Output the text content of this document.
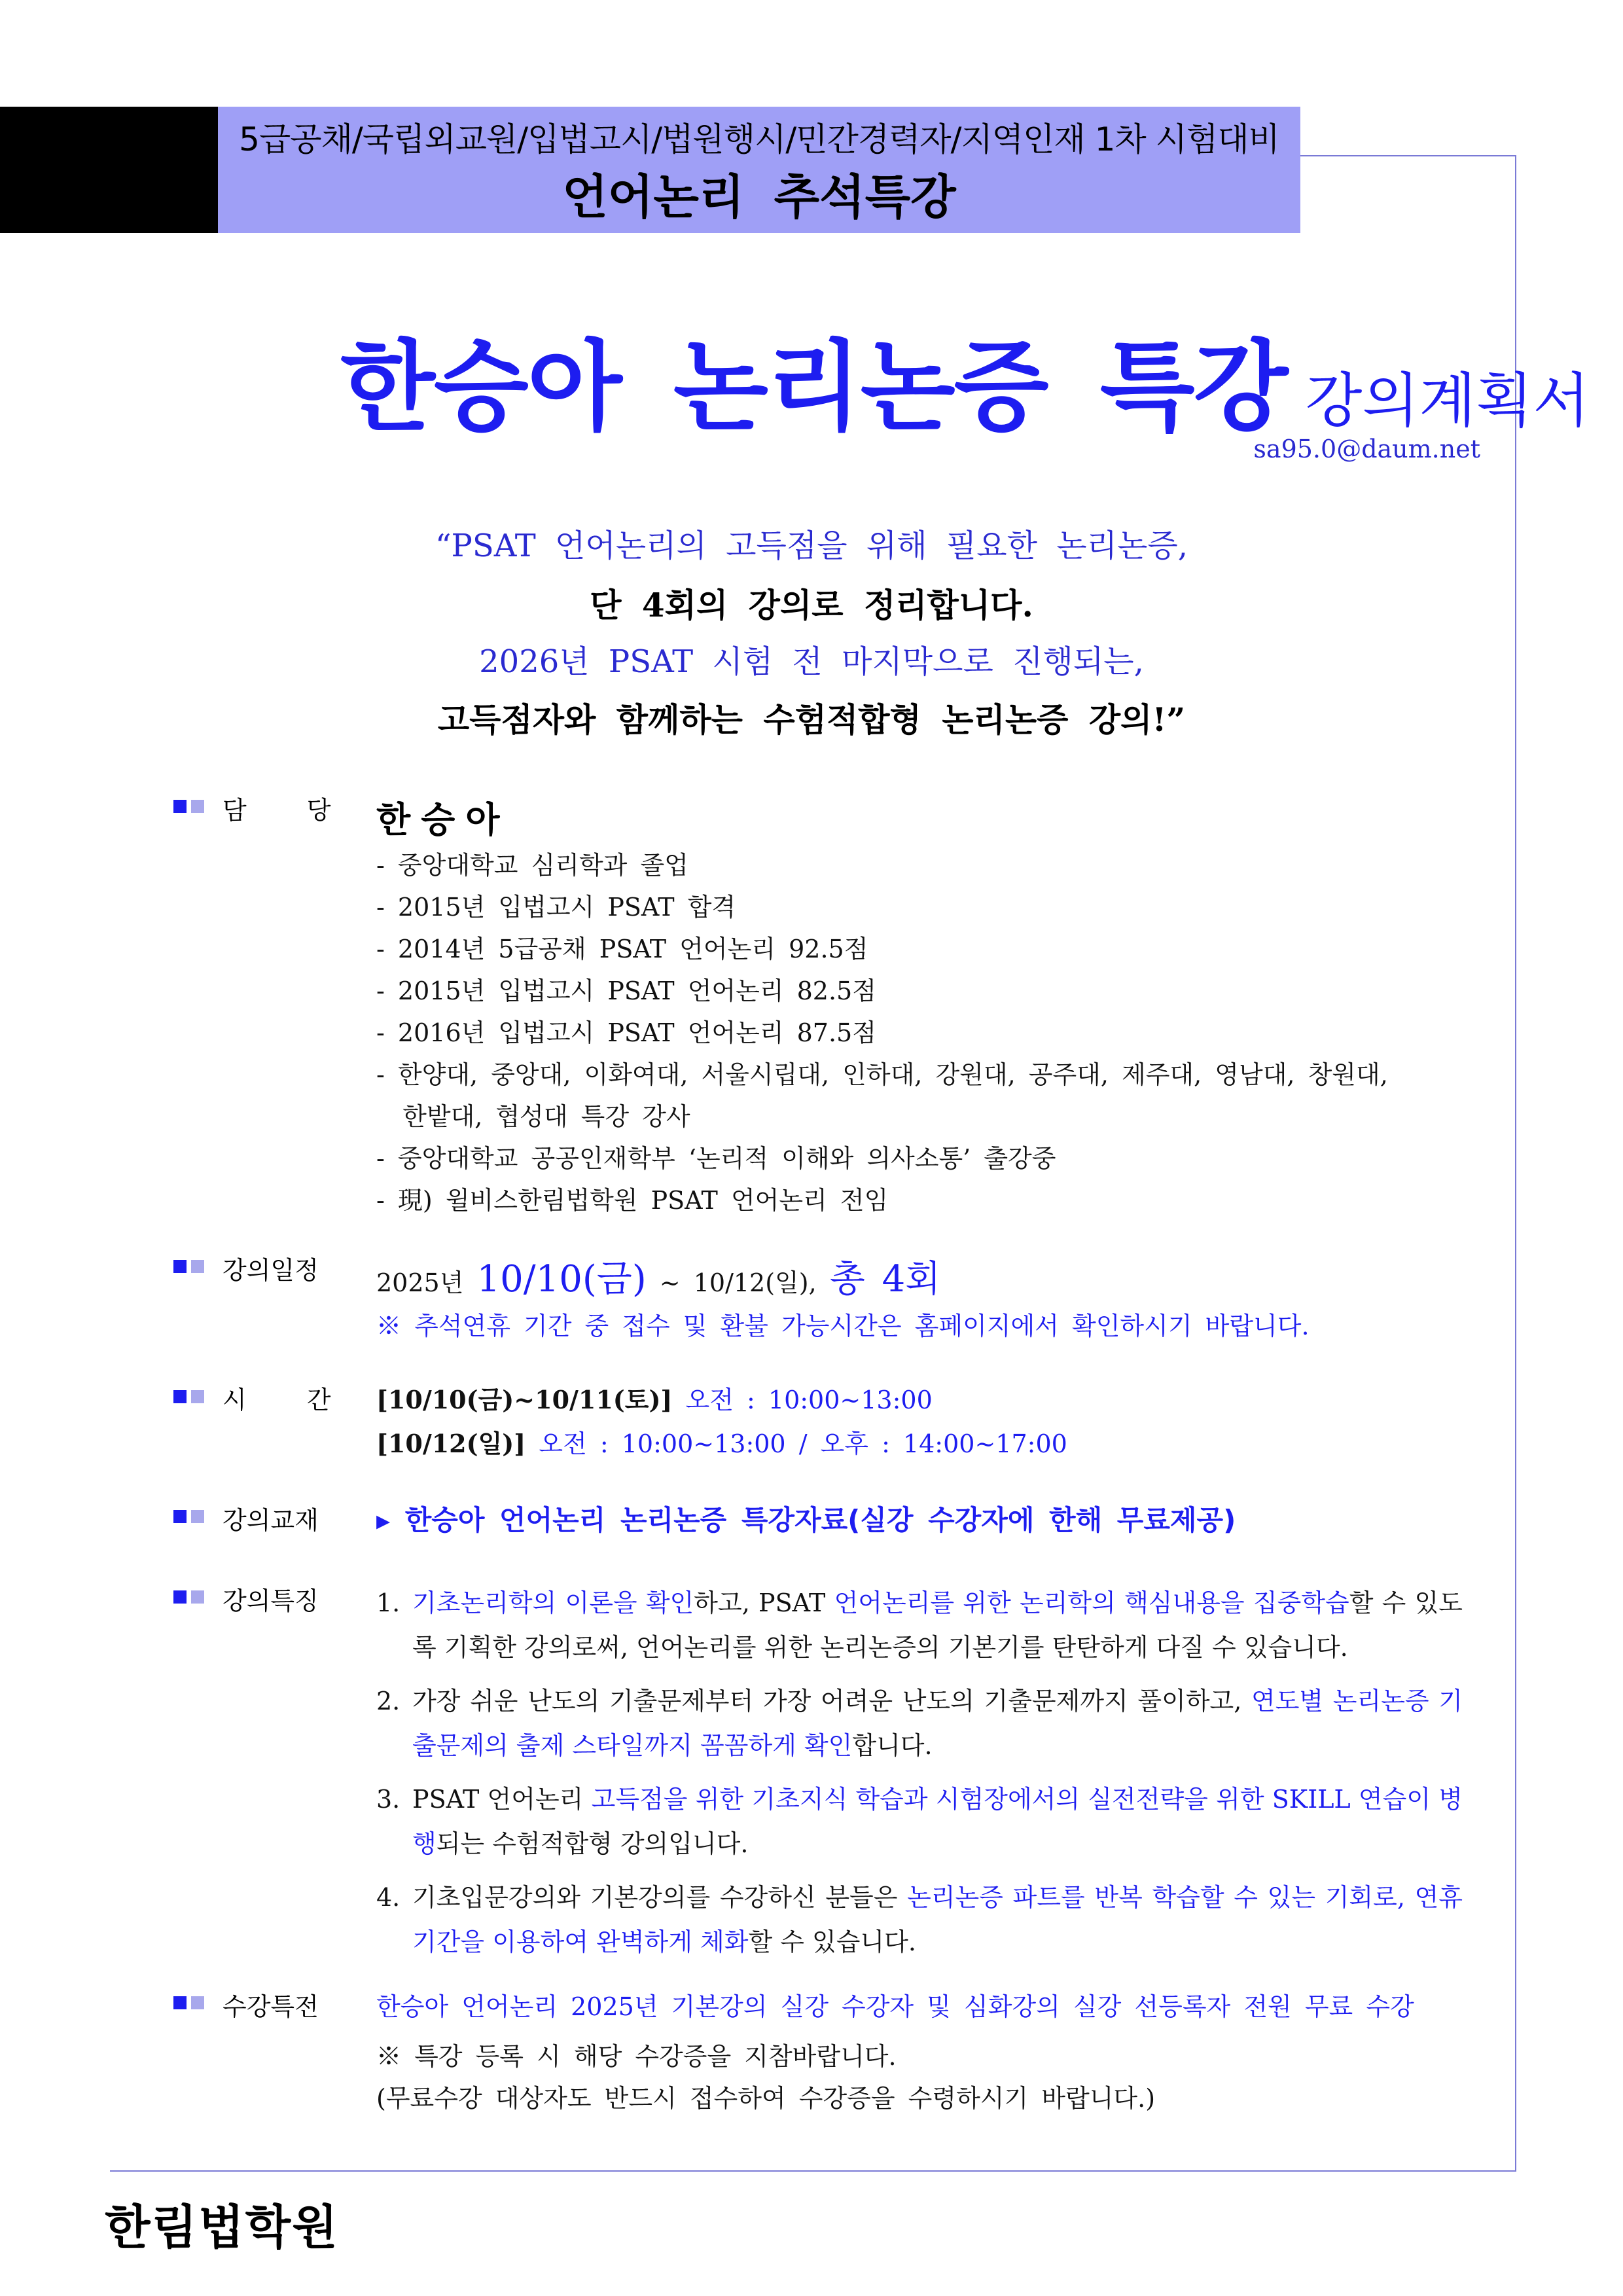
5급공채/국립외교원/입법고시/법원행시/민간경력자/지역인재 1차 시험대비
언어논리 추석특강
한승아 논리논증 특강 강의계획서
sa95.0@daum.net
“PSAT 언어논리의 고득점을 위해 필요한 논리논증,
단 4회의 강의로 정리합니다.
2026년 PSAT 시험 전 마지막으로 진행되는,
고득점자와 함께하는 수험적합형 논리논증 강의!”
담 당 한승아
- 중앙대학교 심리학과 졸업
- 2015년 입법고시 PSAT 합격
- 2014년 5급공채 PSAT 언어논리 92.5점
- 2015년 입법고시 PSAT 언어논리 82.5점
- 2016년 입법고시 PSAT 언어논리 87.5점
- 한양대, 중앙대, 이화여대, 서울시립대, 인하대, 강원대, 공주대, 제주대, 영남대, 창원대,
한밭대, 협성대 특강 강사
- 중앙대학교 공공인재학부 ‘논리적 이해와 의사소통’ 출강중
- 現) 윌비스한림법학원 PSAT 언어논리 전임
강의일정 2025년 10/10(금) ~ 10/12(일), 총 4회
※ 추석연휴 기간 중 접수 및 환불 가능시간은 홈페이지에서 확인하시기 바랍니다.
시 간 [10/10(금)~10/11(토)] 오전 : 10:00~13:00
[10/12(일)] 오전 : 10:00~13:00 / 오후 : 14:00~17:00
강의교재 ▸ 한승아 언어논리 논리논증 특강자료(실강 수강자에 한해 무료제공)
강의특징 1. 기초논리학의 이론을 확인하고, PSAT 언어논리를 위한 논리학의 핵심내용을 집중학습할 수 있도록 기획한 강의로써, 언어논리를 위한 논리논증의 기본기를 탄탄하게 다질 수 있습니다.
2. 가장 쉬운 난도의 기출문제부터 가장 어려운 난도의 기출문제까지 풀이하고, 연도별 논리논증 기출문제의 출제 스타일까지 꼼꼼하게 확인합니다.
3. PSAT 언어논리 고득점을 위한 기초지식 학습과 시험장에서의 실전전략을 위한 SKILL 연습이 병행되는 수험적합형 강의입니다.
4. 기초입문강의와 기본강의를 수강하신 분들은 논리논증 파트를 반복 학습할 수 있는 기회로, 연휴 기간을 이용하여 완벽하게 체화할 수 있습니다.
수강특전 한승아 언어논리 2025년 기본강의 실강 수강자 및 심화강의 실강 선등록자 전원 무료 수강
※ 특강 등록 시 해당 수강증을 지참바랍니다.
(무료수강 대상자도 반드시 접수하여 수강증을 수령하시기 바랍니다.)
한림법학원
